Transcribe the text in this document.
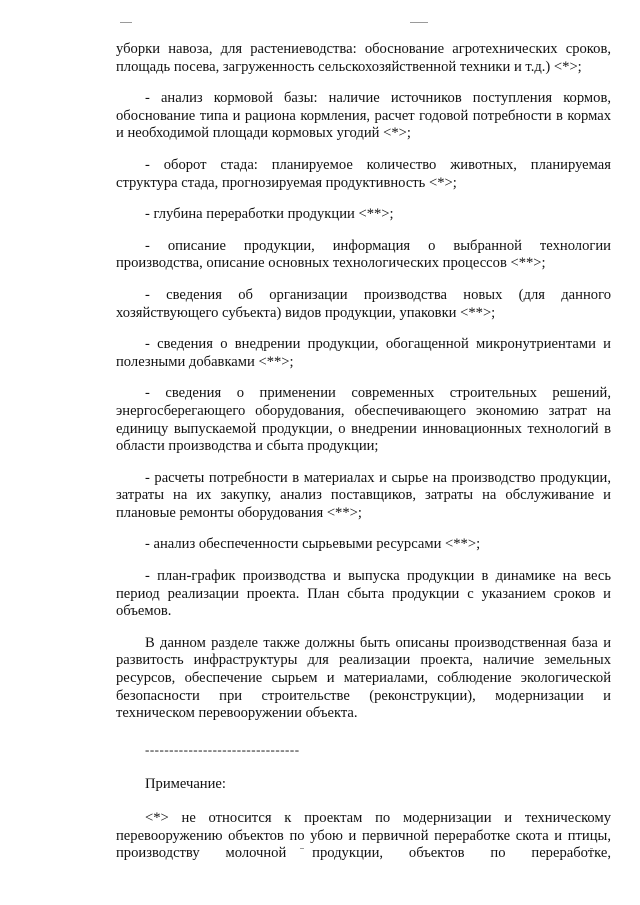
уборки навоза, для растениеводства: обоснование агротехнических сроков, площадь посева, загруженность сельскохозяйственной техники и т.д.) <*>;

- анализ кормовой базы: наличие источников поступления кормов, обоснование типа и рациона кормления, расчет годовой потребности в кормах и необходимой площади кормовых угодий <*>;

- оборот стада: планируемое количество животных, планируемая структура стада, прогнозируемая продуктивность <*>;

- глубина переработки продукции <**>;

- описание продукции, информация о выбранной технологии производства, описание основных технологических процессов <**>;

- сведения об организации производства новых (для данного хозяйствующего субъекта) видов продукции, упаковки <**>;

- сведения о внедрении продукции, обогащенной микронутриентами и полезными добавками <**>;

- сведения о применении современных строительных решений, энергосберегающего оборудования, обеспечивающего экономию затрат на единицу выпускаемой продукции, о внедрении инновационных технологий в области производства и сбыта продукции;

- расчеты потребности в материалах и сырье на производство продукции, затраты на их закупку, анализ поставщиков, затраты на обслуживание и плановые ремонты оборудования <**>;

- анализ обеспеченности сырьевыми ресурсами <**>;

- план-график производства и выпуска продукции в динамике на весь период реализации проекта. План сбыта продукции с указанием сроков и объемов.

В данном разделе также должны быть описаны производственная база и развитость инфраструктуры для реализации проекта, наличие земельных ресурсов, обеспечение сырьем и материалами, соблюдение экологической безопасности при строительстве (реконструкции), модернизации и техническом перевооружении объекта.

--------------------------------

Примечание:

<*> не относится к проектам по модернизации и техническому перевооружению объектов по убою и первичной переработке скота и птицы, производству молочной продукции, объектов по переработке,
